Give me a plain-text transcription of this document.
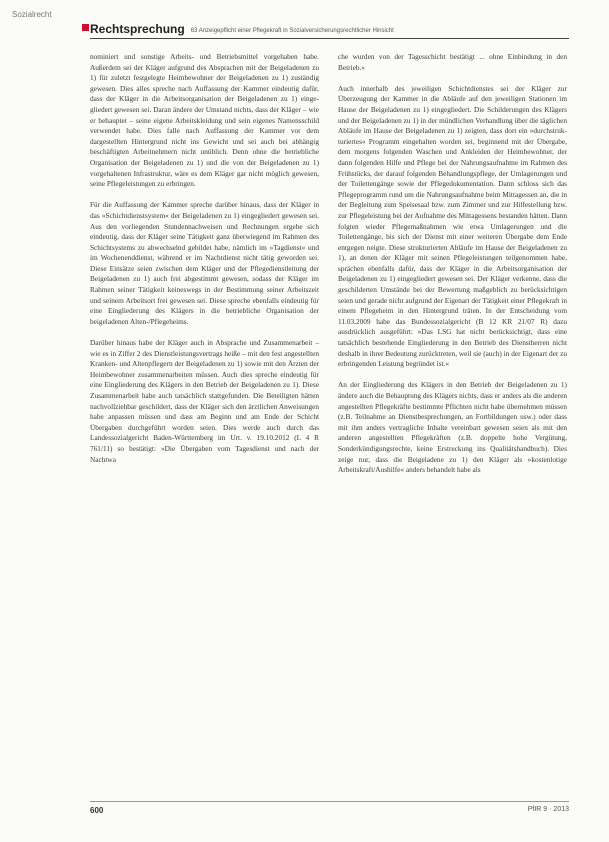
Sozialrecht
Rechtsprechung 63 Anzeigepflicht einer Pflegekraft in Sozialversicherungsrechtlicher Hinsicht

nominiert und sonstige Arbeits- und Betriebsmittel vorgehaben habe. Außerdem sei der Kläger aufgrund des Absprachen mit der Beigeladenen zu 1) für zuletzt festgelegte Heimbewohner der Beigeladenen zu 1) zuständig gewesen. Dies alles spreche nach Auffassung der Kammer eindeutig dafür, dass der Kläger in die Arbeitsorganisation der Beigeladenen zu 1) eingegliedert gewesen sei. Daran ändere der Umstand nichts, dass der Kläger – wie er behauptet – seine eigene Arbeitskleidung und sein eigenes Namensschild verwendet habe. Dies falle nach Auffassung der Kammer vor dem dargestellten Hintergrund nicht ins Gewicht und sei auch bei abhängig beschäftigten Arbeitnehmern nicht unüblich. Denn ohne die betriebliche Organisation der Beigeladenen zu 1) und die von der Beigeladenen zu 1) vorgehaltenen Infrastruktur, wäre es dem Kläger gar nicht möglich gewesen, seine Pflegeleistungen zu erbringen.

Für die Auffassung der Kammer spreche darüber hinaus, dass der Kläger in das »Schichtdienstsystem« der Beigeladenen zu 1) eingegliedert gewesen sei. Aus den vorliegenden Stundennachweisen und Rechnungen ergebe sich eindeutig, dass der Kläger seine Tätigkeit ganz überwiegend im Rahmen des Schichtsystems zu abwechselnd gebildet habe, nämlich im »Tagdienst« und im Wochenenddienst, während er im Nachtdienst nicht tätig geworden sei. Diese Einsätze seien zwischen dem Kläger und der Pflegedienstleitung der Beigeladenen zu 1) auch frei abgestimmt gewesen, sodass der Kläger im Rahmen seiner Tätigkeit keineswegs in der Bestimmung seiner Arbeitszeit und seinem Arbeitsort frei gewesen sei. Diese spreche ebenfalls eindeutig für eine Eingliederung des Klägers in die betriebliche Organisation der beigeladenen Alten-/Pflegeheims.

Darüber hinaus habe der Kläger auch in Absprache und Zusammenarbeit – wie es in Ziffer 2 des Dienstleistungsvertrags heiße – mit den fest angestellten Kranken- und Altenpflegern der Beigeladenen zu 1) sowie mit den Ärzten der Heimbewohner zusammenarbeiten müssen. Auch dies spreche eindeutig für eine Eingliederung des Klägers in den Betrieb der Beigeladenen zu 1). Diese Zusammenarbeit habe auch tatsächlich stattgefunden. Die Beteiligten hätten nachvollziehbar geschildert, dass der Kläger sich den ärztlichen Anweisungen habe anpassen müssen und dass am Beginn und am Ende der Schicht Übergaben durchgeführt worden seien. Dies werde auch durch das Landessozialgericht Baden-Württemberg im Urt. v. 19.10.2012 (L 4 R 761/11) so bestätigt: »Die Übergaben vom Tagesdienst und nach der Nachtwa

che wurden von der Tagesschicht bestätigt ... ohne Einbindung in den Betrieb.«

Auch innerhalb des jeweiligen Schichtdienstes sei der Kläger zur Überzeugung der Kammer in die Abläufe auf den jeweiligen Stationen im Hause der Beigeladenen zu 1) eingegliedert. Die Schilderungen des Klägers und der Beigeladenen zu 1) in der mündlichen Verhandlung über die täglichen Abläufe im Hause der Beigeladenen zu 1) zeigten, dass dort ein »durchstrukturiertes« Programm eingehalten worden sei, beginnend mit der Übergabe, dem morgens folgenden Waschen und Ankleiden der Heimbewohner, der dann folgenden Hilfe und Pflege bei der Nahrungsaufnahme im Rahmen des Frühstücks, der darauf folgenden Behandlungspflege, der Umlagerungen und der Toilettengänge sowie der Pflegedokumentation. Dann schloss sich das Pflegeprogramm rund um die Nahrungsaufnahme beim Mittagessen an, die in der Begleitung zum Speisesaal bzw. zum Zimmer und zur Hilfestellung bzw. zur Pflegeleistung bei der Aufnahme des Mittagessens bestanden hätten. Dann folgten wieder Pflegemaßnahmen wie etwa Umlagerungen und die Toilettengänge, bis sich der Dienst mit einer weiteren Übergabe dem Ende entgegen neigte. Diese strukturierten Abläufe im Hause der Beigeladenen zu 1), an denen der Kläger mit seinen Pflegeleistungen teilgenommen habe, sprächen ebenfalls dafür, dass der Kläger in die Arbeitsorganisation der Beigeladenen zu 1) eingegliedert gewesen sei. Der Kläger verkenne, dass die geschilderten Umstände bei der Bewertung maßgeblich zu berücksichtigen seien und gerade nicht aufgrund der Eigenart der Tätigkeit einer Pflegekraft in einem Pflegeheim in den Hintergrund träten. In der Entscheidung vom 11.03.2009 habe das Bundessozialgericht (B 12 KR 21/07 R) dazu ausdrücklich ausgeführt: »Das LSG hat nicht berücksichtigt, dass eine tatsächlich bestehende Eingliederung in den Betrieb des Dienstherren nicht deshalb in ihrer Bedeutung zurücktreten, weil sie (auch) in der Eigenart der zu erbringenden Leistung begründet ist.«

An der Eingliederung des Klägers in den Betrieb der Beigeladenen zu 1) ändere auch die Behauptung des Klägers nichts, dass er anders als die anderen angestellten Pflegekräfte bestimmte Pflichten nicht habe übernehmen müssen (z.B. Teilnahme an Dienstbesprechungen, an Fortbildungen usw.) oder dass mit ihm anders vertragliche Inhalte vereinbart gewesen seien als mit den anderen angestellten Pflegekräften (z.B. doppelte hohe Vergütung, Sonderkündigungsrechte, keine Erstreckung ins Qualitätshandbuch). Dies zeige nur, dass die Beigeladene zu 1) den Kläger als »kostenlotige Arbeitskraft/Aushilfe« anders behandelt habe als

600	PfIR 9 · 2013
